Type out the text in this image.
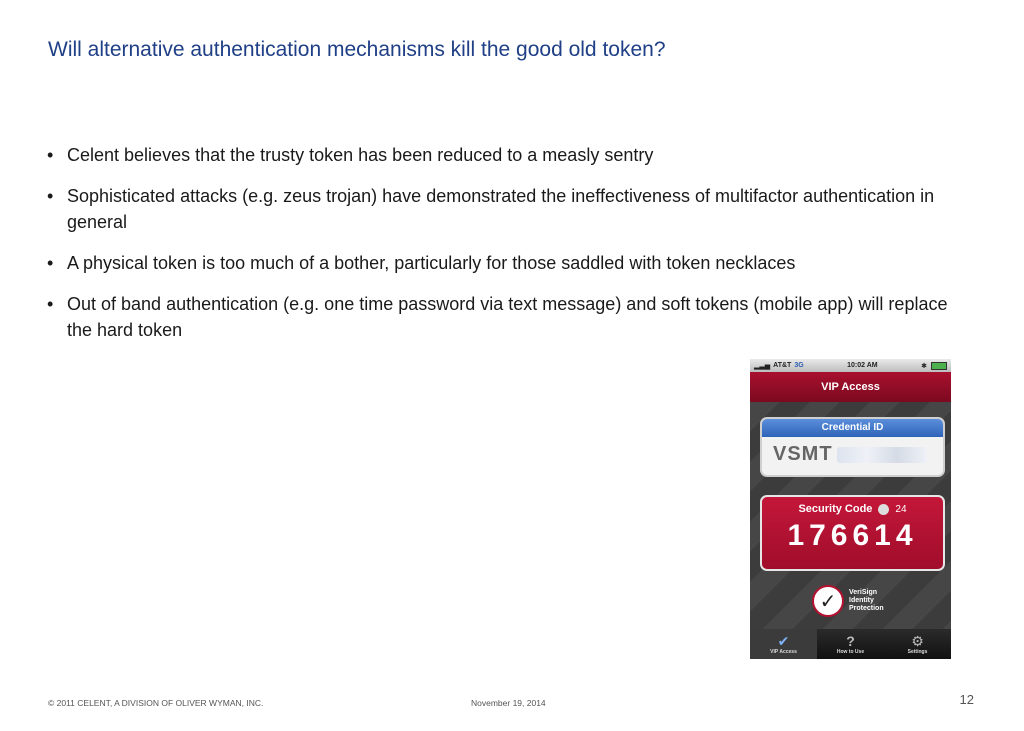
Will alternative authentication mechanisms kill the good old token?
• Celent believes that the trusty token has been reduced to a measly sentry
• Sophisticated attacks (e.g. zeus trojan) have demonstrated the ineffectiveness of multifactor authentication in general
• A physical token is too much of a bother, particularly for those saddled with token necklaces
• Out of band authentication (e.g. one time password via text message) and soft tokens (mobile app) will replace the hard token
▂▃▅ AT&T 3G	10:02 AM	✱
VIP Access
Credential ID
VSMT
Security Code 24
176614
✓	VeriSign
Identity
Protection
✔
VIP Access
?
How to Use
⚙
Settings
© 2011 CELENT, A DIVISION OF OLIVER WYMAN, INC.	November 19, 2014	12
